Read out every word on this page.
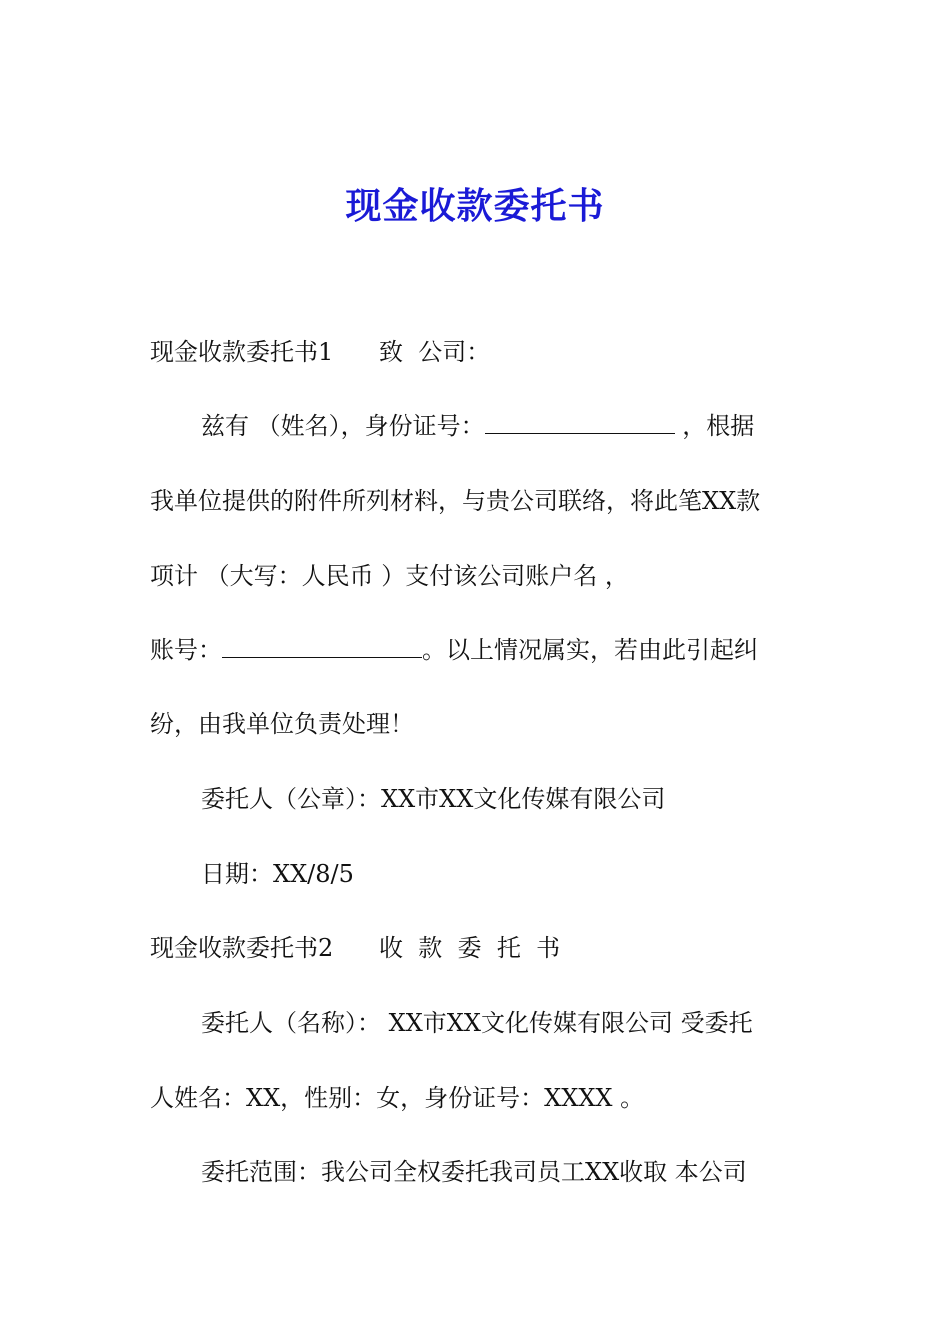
现金收款委托书

现金收款委托书1      致  公司：

兹有 （姓名），身份证号：	，根据

我单位提供的附件所列材料，与贵公司联络，将此笔XX款

项计 （大写：人民币 ）支付该公司账户名 ，

账号：	。以上情况属实，若由此引起纠

纷，由我单位负责处理！

委托人（公章）：XX市XX文化传媒有限公司

日期：XX/8/5

现金收款委托书2      收  款  委  托  书

委托人（名称）： XX市XX文化传媒有限公司 受委托

人姓名：XX，性别：女，身份证号：XXXX 。

委托范围：我公司全权委托我司员工XX收取 本公司
